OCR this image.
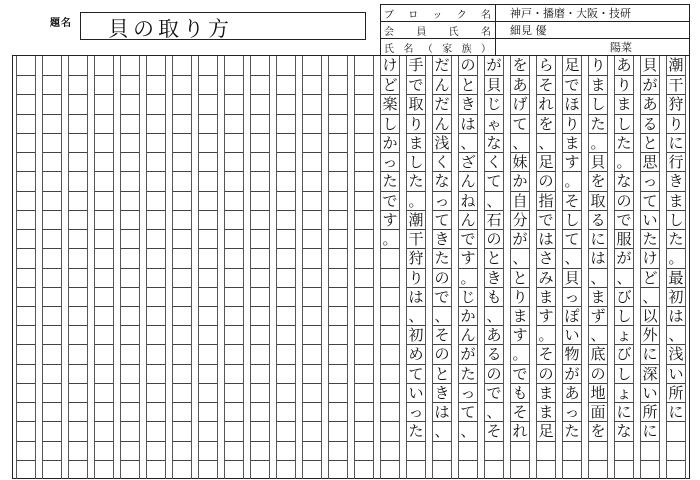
題名 貝の取り方
ブロック名	神戸・播磨・大阪・技研
会員氏名	細見 優
氏名（家族）	陽菜
潮
干
狩
り
に
行
き
ま
し
た
。
最
初
は
、
浅
い
所
に
貝
が
あ
る
と
思
っ
て
い
た
け
ど
、
以
外
に
深
い
所
に
あ
り
ま
し
た
。
な
の
で
服
が
、
び
し
ょ
び
し
ょ
に
な
り
ま
し
た
。
貝
を
取
る
に
は
、
ま
ず
、
底
の
地
面
を
足
で
ほ
り
ま
す
。
そ
し
て
、
貝
っ
ぽ
い
物
が
あ
っ
た
ら
そ
れ
を
、
足
の
指
で
は
さ
み
ま
す
。
そ
の
ま
ま
足
を
あ
げ
て
、
妹
か
自
分
が
、
と
り
ま
す
。
で
も
そ
れ
が
貝
じ
ゃ
な
く
て
、
石
の
と
き
も
、
あ
る
の
で
、
そ
の
と
き
は
、
ざ
ん
ね
ん
で
す
。
じ
か
ん
が
た
っ
て
、
だ
ん
だ
ん
浅
く
な
っ
て
き
た
の
で
、
そ
の
と
き
は
、
手
で
取
り
ま
し
た
。
潮
干
狩
り
は
、
初
め
て
い
っ
た
け
ど
楽
し
か
っ
た
で
す
。
